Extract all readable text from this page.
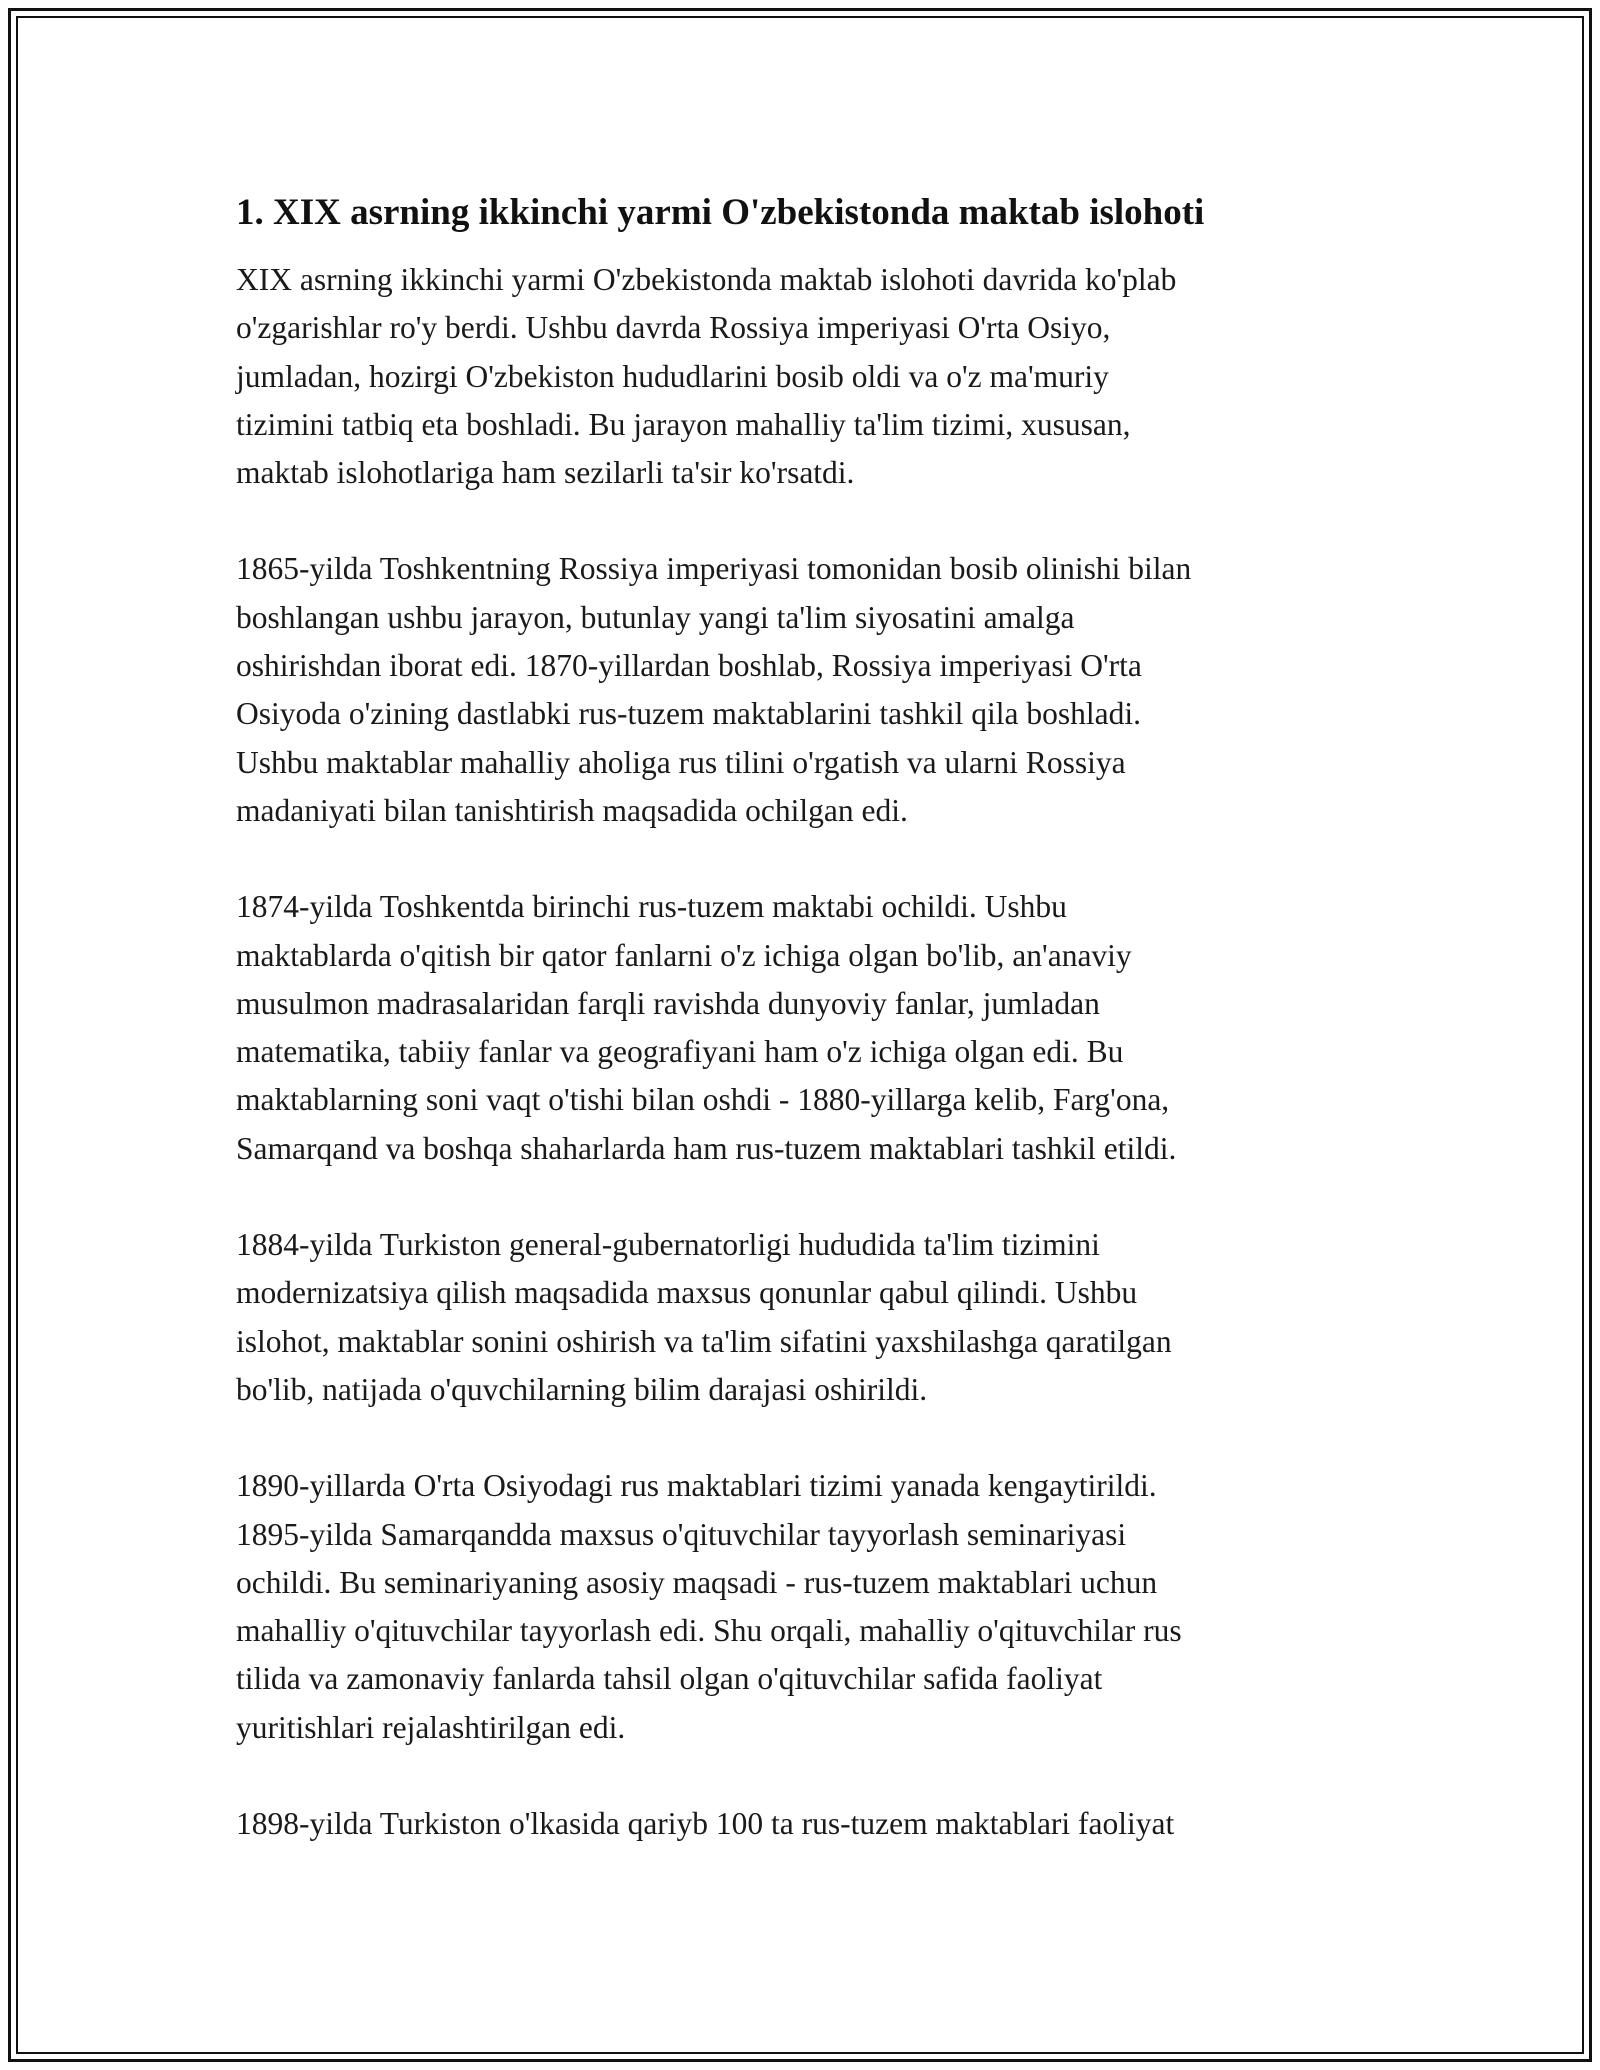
1. XIX asrning ikkinchi yarmi O'zbekistonda maktab islohoti
XIX asrning ikkinchi yarmi O'zbekistonda maktab islohoti davrida ko'plab
o'zgarishlar ro'y berdi. Ushbu davrda Rossiya imperiyasi O'rta Osiyo,
jumladan, hozirgi O'zbekiston hududlarini bosib oldi va o'z ma'muriy
tizimini tatbiq eta boshladi. Bu jarayon mahalliy ta'lim tizimi, xususan,
maktab islohotlariga ham sezilarli ta'sir ko'rsatdi.
1865-yilda Toshkentning Rossiya imperiyasi tomonidan bosib olinishi bilan
boshlangan ushbu jarayon, butunlay yangi ta'lim siyosatini amalga
oshirishdan iborat edi. 1870-yillardan boshlab, Rossiya imperiyasi O'rta
Osiyoda o'zining dastlabki rus-tuzem maktablarini tashkil qila boshladi.
Ushbu maktablar mahalliy aholiga rus tilini o'rgatish va ularni Rossiya
madaniyati bilan tanishtirish maqsadida ochilgan edi.
1874-yilda Toshkentda birinchi rus-tuzem maktabi ochildi. Ushbu
maktablarda o'qitish bir qator fanlarni o'z ichiga olgan bo'lib, an'anaviy
musulmon madrasalaridan farqli ravishda dunyoviy fanlar, jumladan
matematika, tabiiy fanlar va geografiyani ham o'z ichiga olgan edi. Bu
maktablarning soni vaqt o'tishi bilan oshdi - 1880-yillarga kelib, Farg'ona,
Samarqand va boshqa shaharlarda ham rus-tuzem maktablari tashkil etildi.
1884-yilda Turkiston general-gubernatorligi hududida ta'lim tizimini
modernizatsiya qilish maqsadida maxsus qonunlar qabul qilindi. Ushbu
islohot, maktablar sonini oshirish va ta'lim sifatini yaxshilashga qaratilgan
bo'lib, natijada o'quvchilarning bilim darajasi oshirildi.
1890-yillarda O'rta Osiyodagi rus maktablari tizimi yanada kengaytirildi.
1895-yilda Samarqandda maxsus o'qituvchilar tayyorlash seminariyasi
ochildi. Bu seminariyaning asosiy maqsadi - rus-tuzem maktablari uchun
mahalliy o'qituvchilar tayyorlash edi. Shu orqali, mahalliy o'qituvchilar rus
tilida va zamonaviy fanlarda tahsil olgan o'qituvchilar safida faoliyat
yuritishlari rejalashtirilgan edi.
1898-yilda Turkiston o'lkasida qariyb 100 ta rus-tuzem maktablari faoliyat
